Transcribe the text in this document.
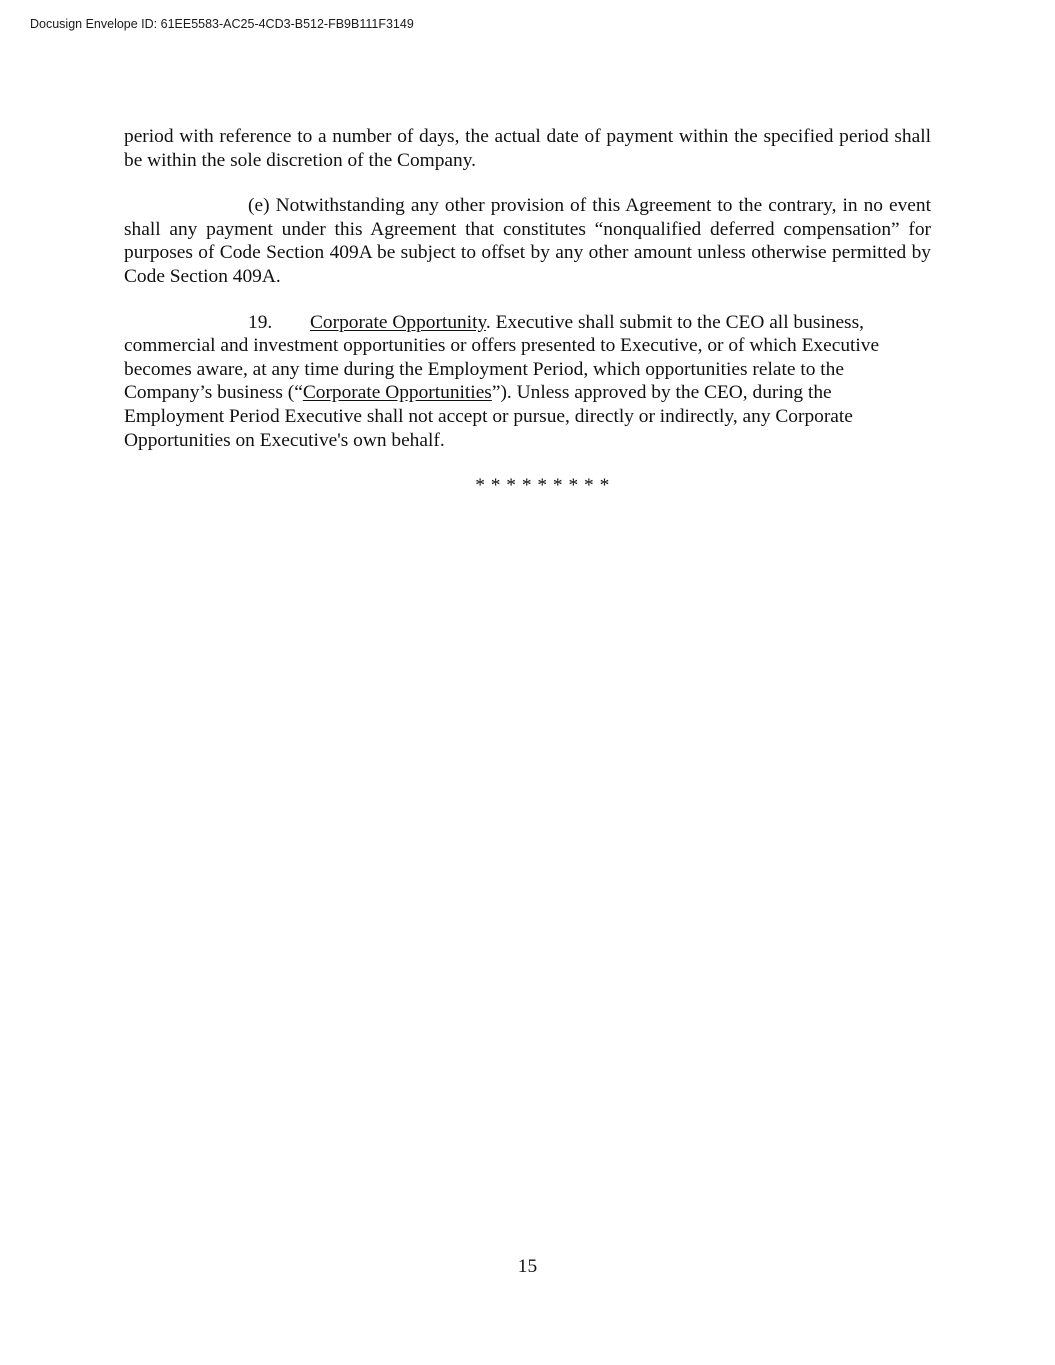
Docusign Envelope ID: 61EE5583-AC25-4CD3-B512-FB9B111F3149

period with reference to a number of days, the actual date of payment within the specified period shall be within the sole discretion of the Company.

(e) Notwithstanding any other provision of this Agreement to the contrary, in no event shall any payment under this Agreement that constitutes “nonqualified deferred compensation” for purposes of Code Section 409A be subject to offset by any other amount unless otherwise permitted by Code Section 409A.

19. Corporate Opportunity. Executive shall submit to the CEO all business, commercial and investment opportunities or offers presented to Executive, or of which Executive becomes aware, at any time during the Employment Period, which opportunities relate to the Company’s business (“Corporate Opportunities”). Unless approved by the CEO, during the Employment Period Executive shall not accept or pursue, directly or indirectly, any Corporate Opportunities on Executive's own behalf.

* * * * * * * * *
15
